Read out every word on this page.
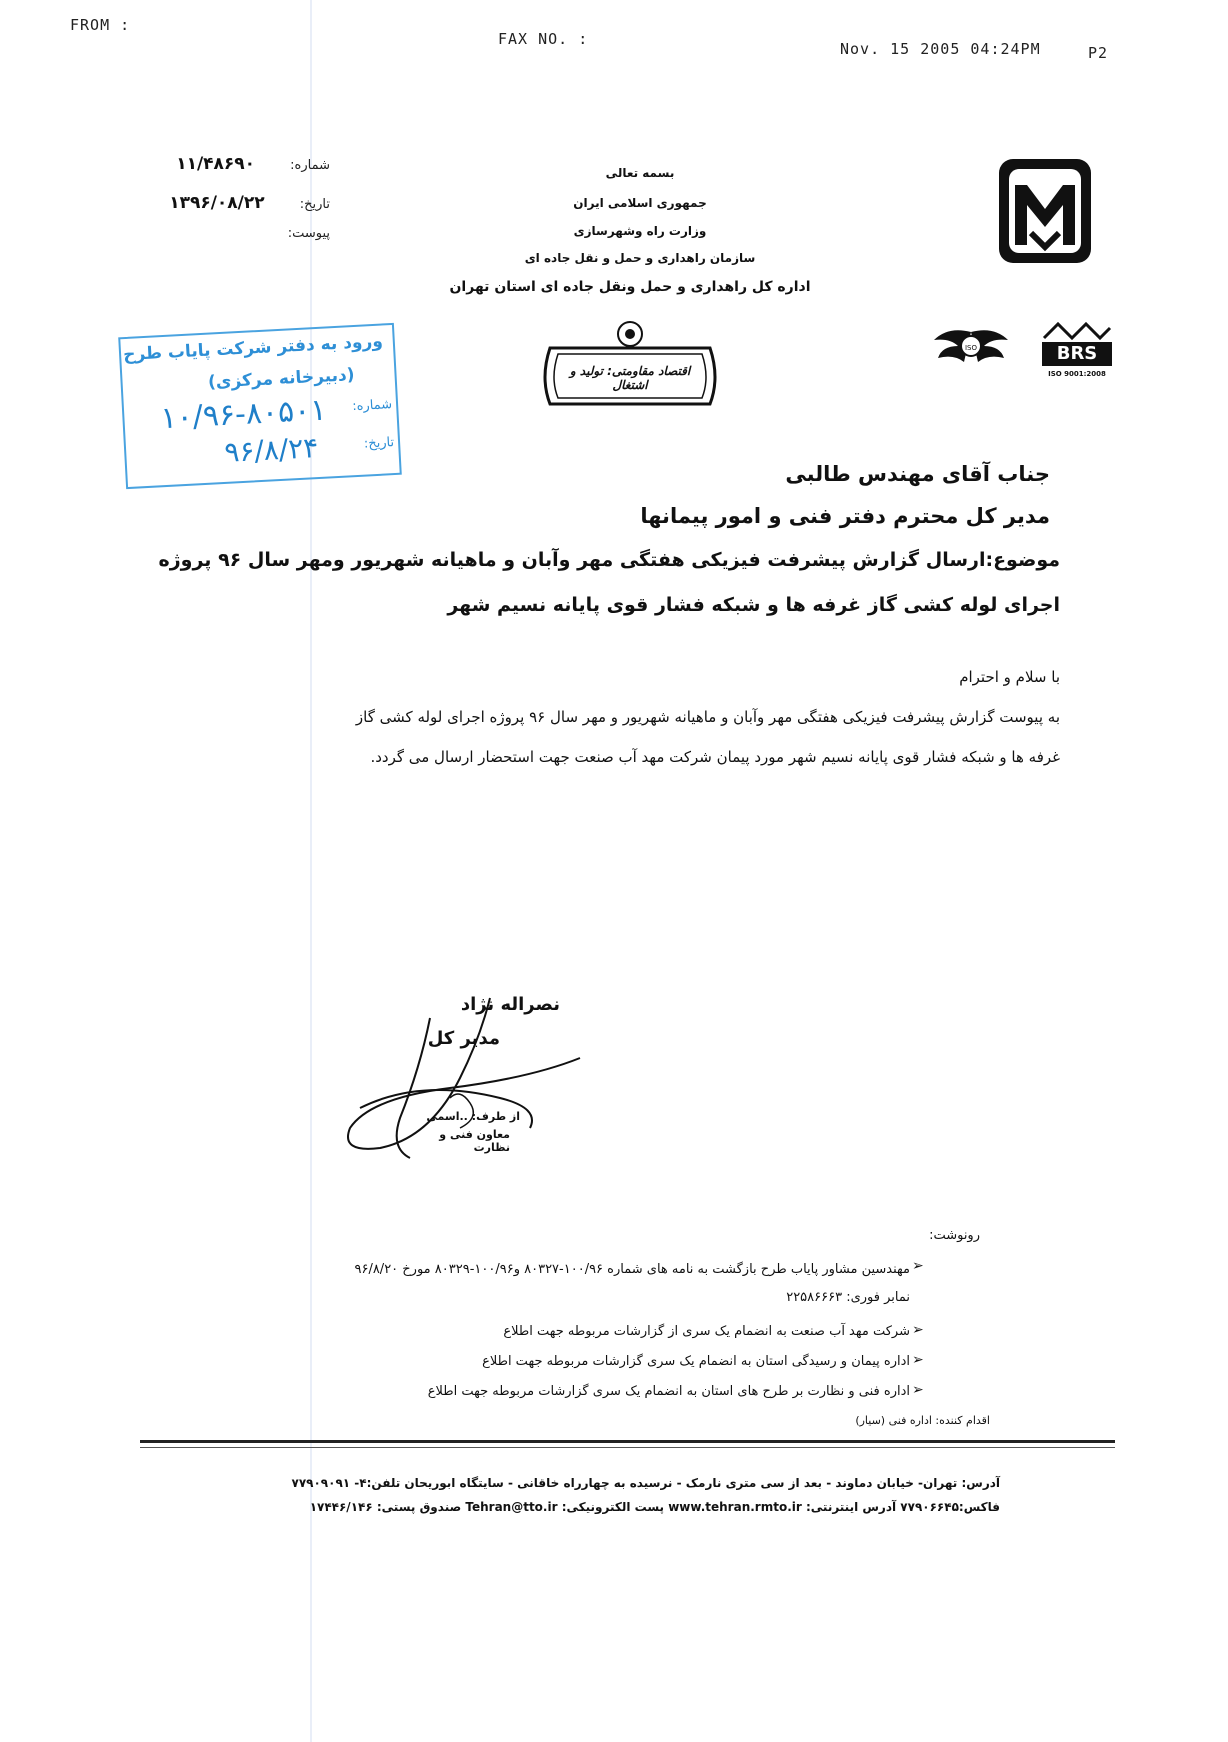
FROM :
FAX NO. :
Nov. 15 2005 04:24PM	P2
شماره: ۱۱/۴۸۶۹۰
تاریخ: ۱۳۹۶/۰۸/۲۲
پیوست:
بسمه تعالی
جمهوری اسلامی ایران
وزارت راه وشهرسازی
سازمان راهداری و حمل و نقل جاده ای
اداره کل راهداری و حمل ونقل جاده ای استان تهران
اقتصاد مقاومتی: تولید و اشتغال
ISO	BRS
ISO 9001:2008
ورود به دفتر شرکت پایاب طرح
(دبیرخانه مرکزی)
شماره:
۱۰/۹۶-۸۰۵۰۱
تاریخ:
۹۶/۸/۲۴
جناب آقای مهندس طالبی
مدیر کل محترم دفتر فنی و امور پیمانها
موضوع:ارسال گزارش پیشرفت فیزیکی هفتگی مهر وآبان و ماهیانه شهریور ومهر سال ۹۶ پروژه
اجرای لوله کشی گاز غرفه ها و شبکه فشار قوی پایانه نسیم شهر
با سلام و احترام
به پیوست گزارش پیشرفت فیزیکی هفتگی مهر وآبان و ماهیانه شهریور و مهر سال ۹۶ پروژه اجرای لوله کشی گاز
غرفه ها و شبکه فشار قوی پایانه نسیم شهر مورد پیمان شرکت مهد آب صنعت جهت استحضار ارسال می گردد.
نصراله نژاد
مدیر کل
از طرف: ..اسمی
معاون فنی و نظارت
رونوشت:
مهندسین مشاور پایاب طرح بازگشت به نامه های شماره ۱۰۰/۹۶-۸۰۳۲۷ و۱۰۰/۹۶-۸۰۳۲۹ مورخ ۹۶/۸/۲۰ ➢
نمابر فوری: ۲۲۵۸۶۶۶۳
➢
شرکت مهد آب صنعت به انضمام یک سری از گزارشات مربوطه جهت اطلاع
➢
اداره پیمان و رسیدگی استان به انضمام یک سری گزارشات مربوطه جهت اطلاع
➢
اداره فنی و نظارت بر طرح های استان به انضمام یک سری گزارشات مربوطه جهت اطلاع
اقدام کننده: اداره فنی (سیار)
آدرس: تهران- خیابان دماوند - بعد از سی متری نارمک - نرسیده به چهارراه خاقانی - سایتگاه ابوریحان تلفن:۴- ۷۷۹۰۹۰۹۱
فاکس:۷۷۹۰۶۶۴۵ آدرس اینترنتی: www.tehran.rmto.ir پست الکترونیکی: Tehran@tto.ir صندوق پستی: ۱۷۴۴۶/۱۴۶
